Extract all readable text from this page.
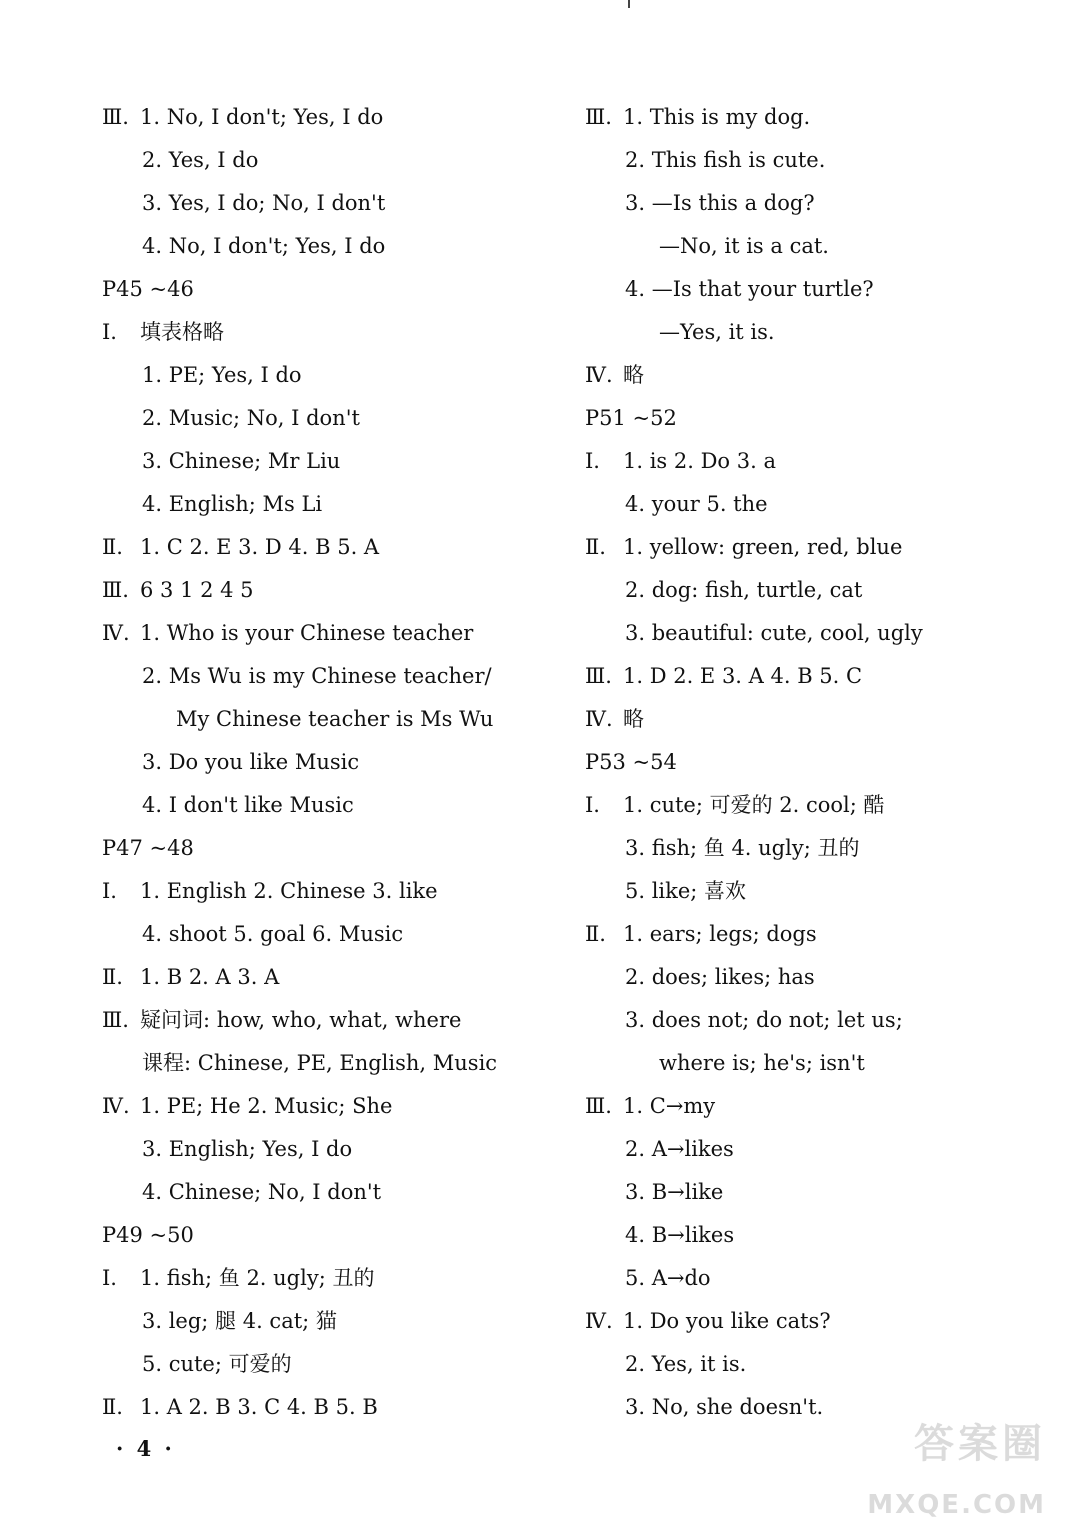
Ⅲ. 1. No, I don't; Yes, I do
2. Yes, I do
3. Yes, I do; No, I don't
4. No, I don't; Yes, I do
P45 ~46
Ⅰ.	填表格略
1. PE; Yes, I do
2. Music; No, I don't
3. Chinese; Mr Liu
4. English; Ms Li
Ⅱ. 1. C 2. E 3. D 4. B 5. A
Ⅲ. 6 3 1 2 4 5
Ⅳ. 1. Who is your Chinese teacher
2. Ms Wu is my Chinese teacher/
My Chinese teacher is Ms Wu
3. Do you like Music
4. I don't like Music
P47 ~48
Ⅰ.	1. English 2. Chinese 3. like
4. shoot 5. goal 6. Music
Ⅱ. 1. B 2. A 3. A
Ⅲ. 疑问词: how, who, what, where
课程: Chinese, PE, English, Music
Ⅳ. 1. PE; He 2. Music; She
3. English; Yes, I do
4. Chinese; No, I don't
P49 ~50
Ⅰ.	1. fish; 鱼 2. ugly; 丑的
3. leg; 腿 4. cat; 猫
5. cute; 可爱的
Ⅱ. 1. A 2. B 3. C 4. B 5. B
Ⅲ. 1. This is my dog.
2. This fish is cute.
3. —Is this a dog?
—No, it is a cat.
4. —Is that your turtle?
—Yes, it is.
Ⅳ. 略
P51 ~52
Ⅰ.	1. is 2. Do 3. a
4. your 5. the
Ⅱ. 1. yellow: green, red, blue
2. dog: fish, turtle, cat
3. beautiful: cute, cool, ugly
Ⅲ. 1. D 2. E 3. A 4. B 5. C
Ⅳ. 略
P53 ~54
Ⅰ.	1. cute; 可爱的 2. cool; 酷
3. fish; 鱼 4. ugly; 丑的
5. like; 喜欢
Ⅱ. 1. ears; legs; dogs
2. does; likes; has
3. does not; do not; let us;
where is; he's; isn't
Ⅲ. 1. C→my
2. A→likes
3. B→like
4. B→likes
5. A→do
Ⅳ. 1. Do you like cats?
2. Yes, it is.
3. No, she doesn't.
· 4 ·	答案圈
MXQE.COM
